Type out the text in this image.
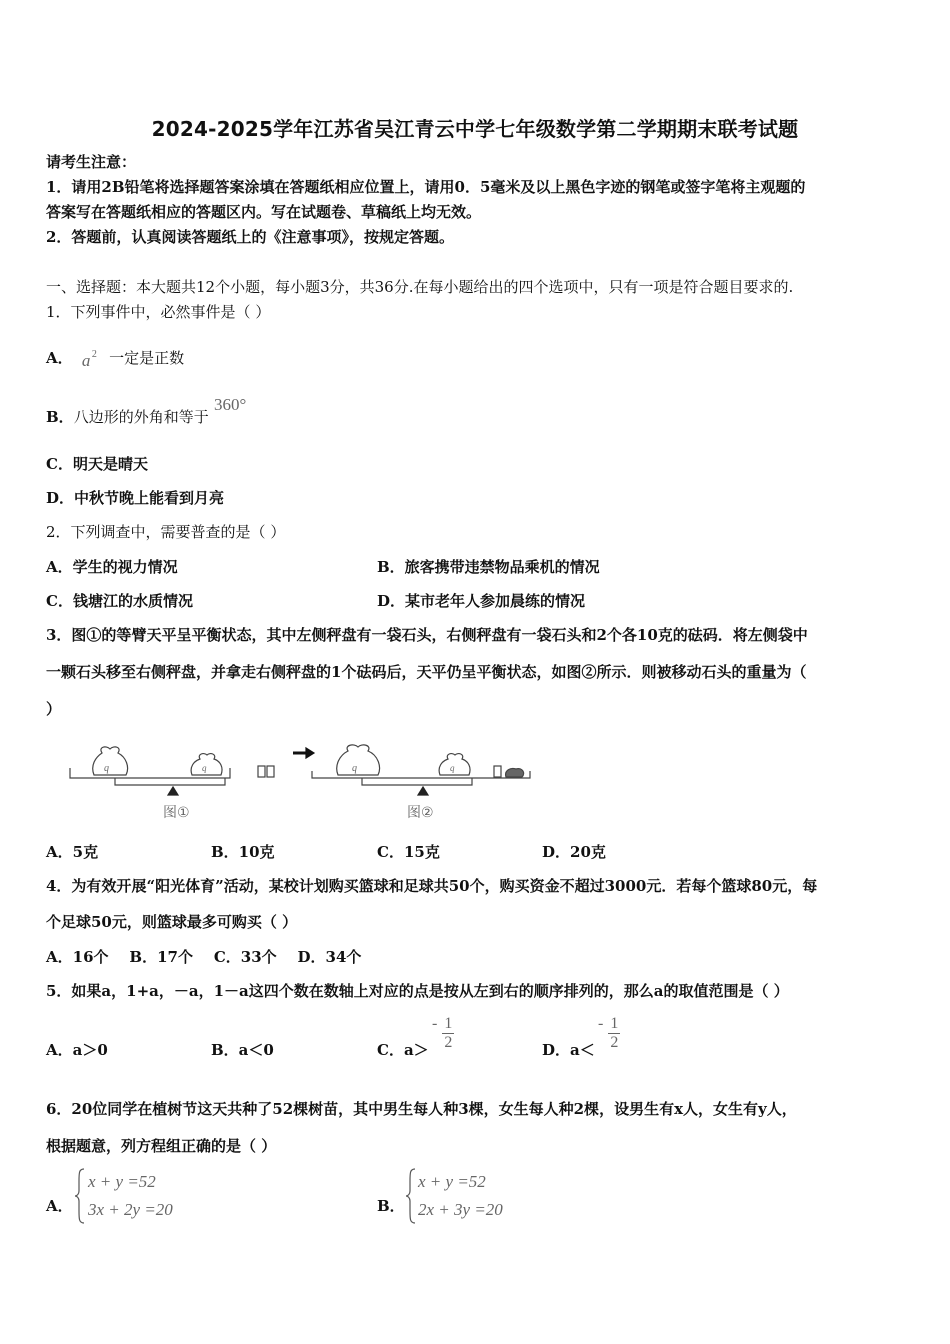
2024-2025学年江苏省吴江青云中学七年级数学第二学期期末联考试题
请考生注意：
1．请用2B铅笔将选择题答案涂填在答题纸相应位置上，请用0．5毫米及以上黑色字迹的钢笔或签字笔将主观题的
答案写在答题纸相应的答题区内。写在试题卷、草稿纸上均无效。
2．答题前，认真阅读答题纸上的《注意事项》，按规定答题。
一、选择题：本大题共12个小题，每小题3分，共36分.在每小题给出的四个选项中，只有一项是符合题目要求的.
1．下列事件中，必然事件是（ ）
A． a 2 一定是正数
B．八边形的外角和等于 360°
C．明天是晴天
D．中秋节晚上能看到月亮
2．下列调查中，需要普查的是（ ）
A．学生的视力情况	B．旅客携带违禁物品乘机的情况
C．钱塘江的水质情况	D．某市老年人参加晨练的情况
3．图①的等臂天平呈平衡状态，其中左侧秤盘有一袋石头，右侧秤盘有一袋石头和2个各10克的砝码．将左侧袋中
一颗石头移至右侧秤盘，并拿走右侧秤盘的1个砝码后，天平仍呈平衡状态，如图②所示．则被移动石头的重量为（
）
图①	图②
q	q	q	q
A．5克	B．10克	C．15克	D．20克
4．为有效开展“阳光体育”活动，某校计划购买篮球和足球共50个，购买资金不超过3000元．若每个篮球80元，每
个足球50元，则篮球最多可购买（ ）
A．16个    B．17个    C．33个    D．34个
5．如果a，1+a，－a，1－a这四个数在数轴上对应的点是按从左到右的顺序排列的，那么a的取值范围是（ ）
A．a＞0	B．a＜0	C．a＞
- $\frac{1}{2}$	D．a＜
- $\frac{1}{2}$
6．20位同学在植树节这天共种了52棵树苗，其中男生每人种3棵，女生每人种2棵，设男生有x人，女生有y人，
根据题意，列方程组正确的是（ ）
A．
x + y =52
3x + 2y =20	B．
x + y =52
2x + 3y =20
